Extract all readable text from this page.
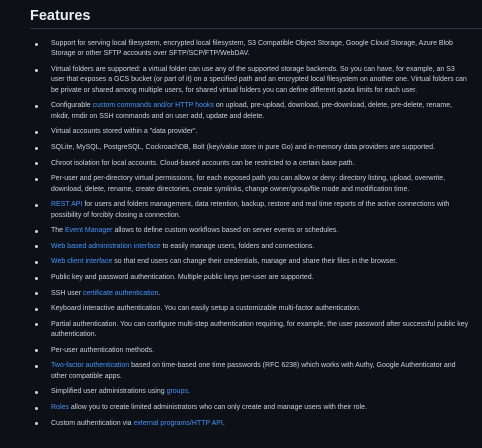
Features
Support for serving local filesystem, encrypted local filesystem, S3 Compatible Object Storage, Google Cloud Storage, Azure Blob Storage or other SFTP accounts over SFTP/SCP/FTP/WebDAV.
Virtual folders are supported: a virtual folder can use any of the supported storage backends. So you can have, for example, an S3 user that exposes a GCS bucket (or part of it) on a specified path and an encrypted local filesystem on another one. Virtual folders can be private or shared among multiple users, for shared virtual folders you can define different quota limits for each user.
Configurable custom commands and/or HTTP hooks on upload, pre-upload, download, pre-download, delete, pre-delete, rename, mkdir, rmdir on SSH commands and on user add, update and delete.
Virtual accounts stored within a "data provider".
SQLite, MySQL, PostgreSQL, CockroachDB, Bolt (key/value store in pure Go) and in-memory data providers are supported.
Chroot isolation for local accounts. Cloud-based accounts can be restricted to a certain base path.
Per-user and per-directory virtual permissions, for each exposed path you can allow or deny: directory listing, upload, overwrite, download, delete, rename, create directories, create symlinks, change owner/group/file mode and modification time.
REST API for users and folders management, data retention, backup, restore and real time reports of the active connections with possibility of forcibly closing a connection.
The Event Manager allows to define custom workflows based on server events or schedules.
Web based administration interface to easily manage users, folders and connections.
Web client interface so that end users can change their credentials, manage and share their files in the browser.
Public key and password authentication. Multiple public keys per-user are supported.
SSH user certificate authentication.
Keyboard interactive authentication. You can easily setup a customizable multi-factor authentication.
Partial authentication. You can configure multi-step authentication requiring, for example, the user password after successful public key authentication.
Per-user authentication methods.
Two-factor authentication based on time-based one time passwords (RFC 6238) which works with Authy, Google Authenticator and other compatible apps.
Simplified user administrations using groups.
Roles allow you to create limited administrators who can only create and manage users with their role.
Custom authentication via external programs/HTTP API.
